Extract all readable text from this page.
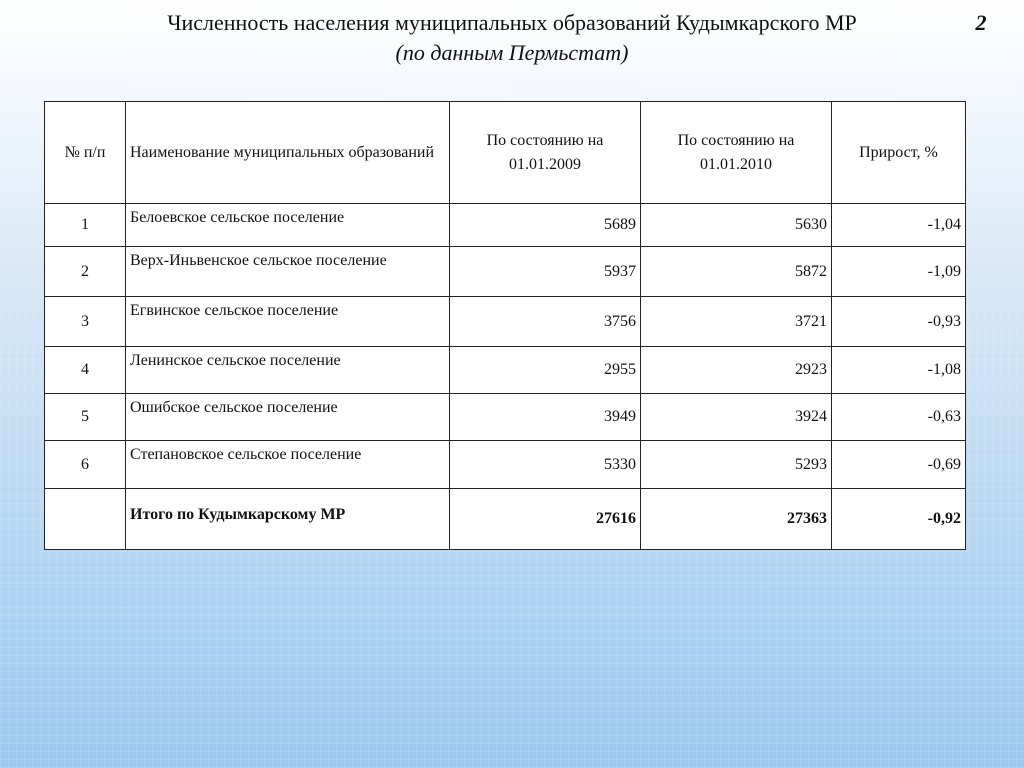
Численность населения муниципальных образований Кудымкарского МР
(по данным Пермьстат)
2
№ п/п	Наименование муниципальных образований	По состоянию на 01.01.2009	По состоянию на 01.01.2010	Прирост, %
1	Белоевское сельское поселение	5689	5630	-1,04
2	Верх-Иньвенское сельское поселение	5937	5872	-1,09
3	Егвинское сельское поселение	3756	3721	-0,93
4	Ленинское сельское поселение	2955	2923	-1,08
5	Ошибское сельское поселение	3949	3924	-0,63
6	Степановское сельское поселение	5330	5293	-0,69
	Итого по Кудымкарскому МР	27616	27363	-0,92
